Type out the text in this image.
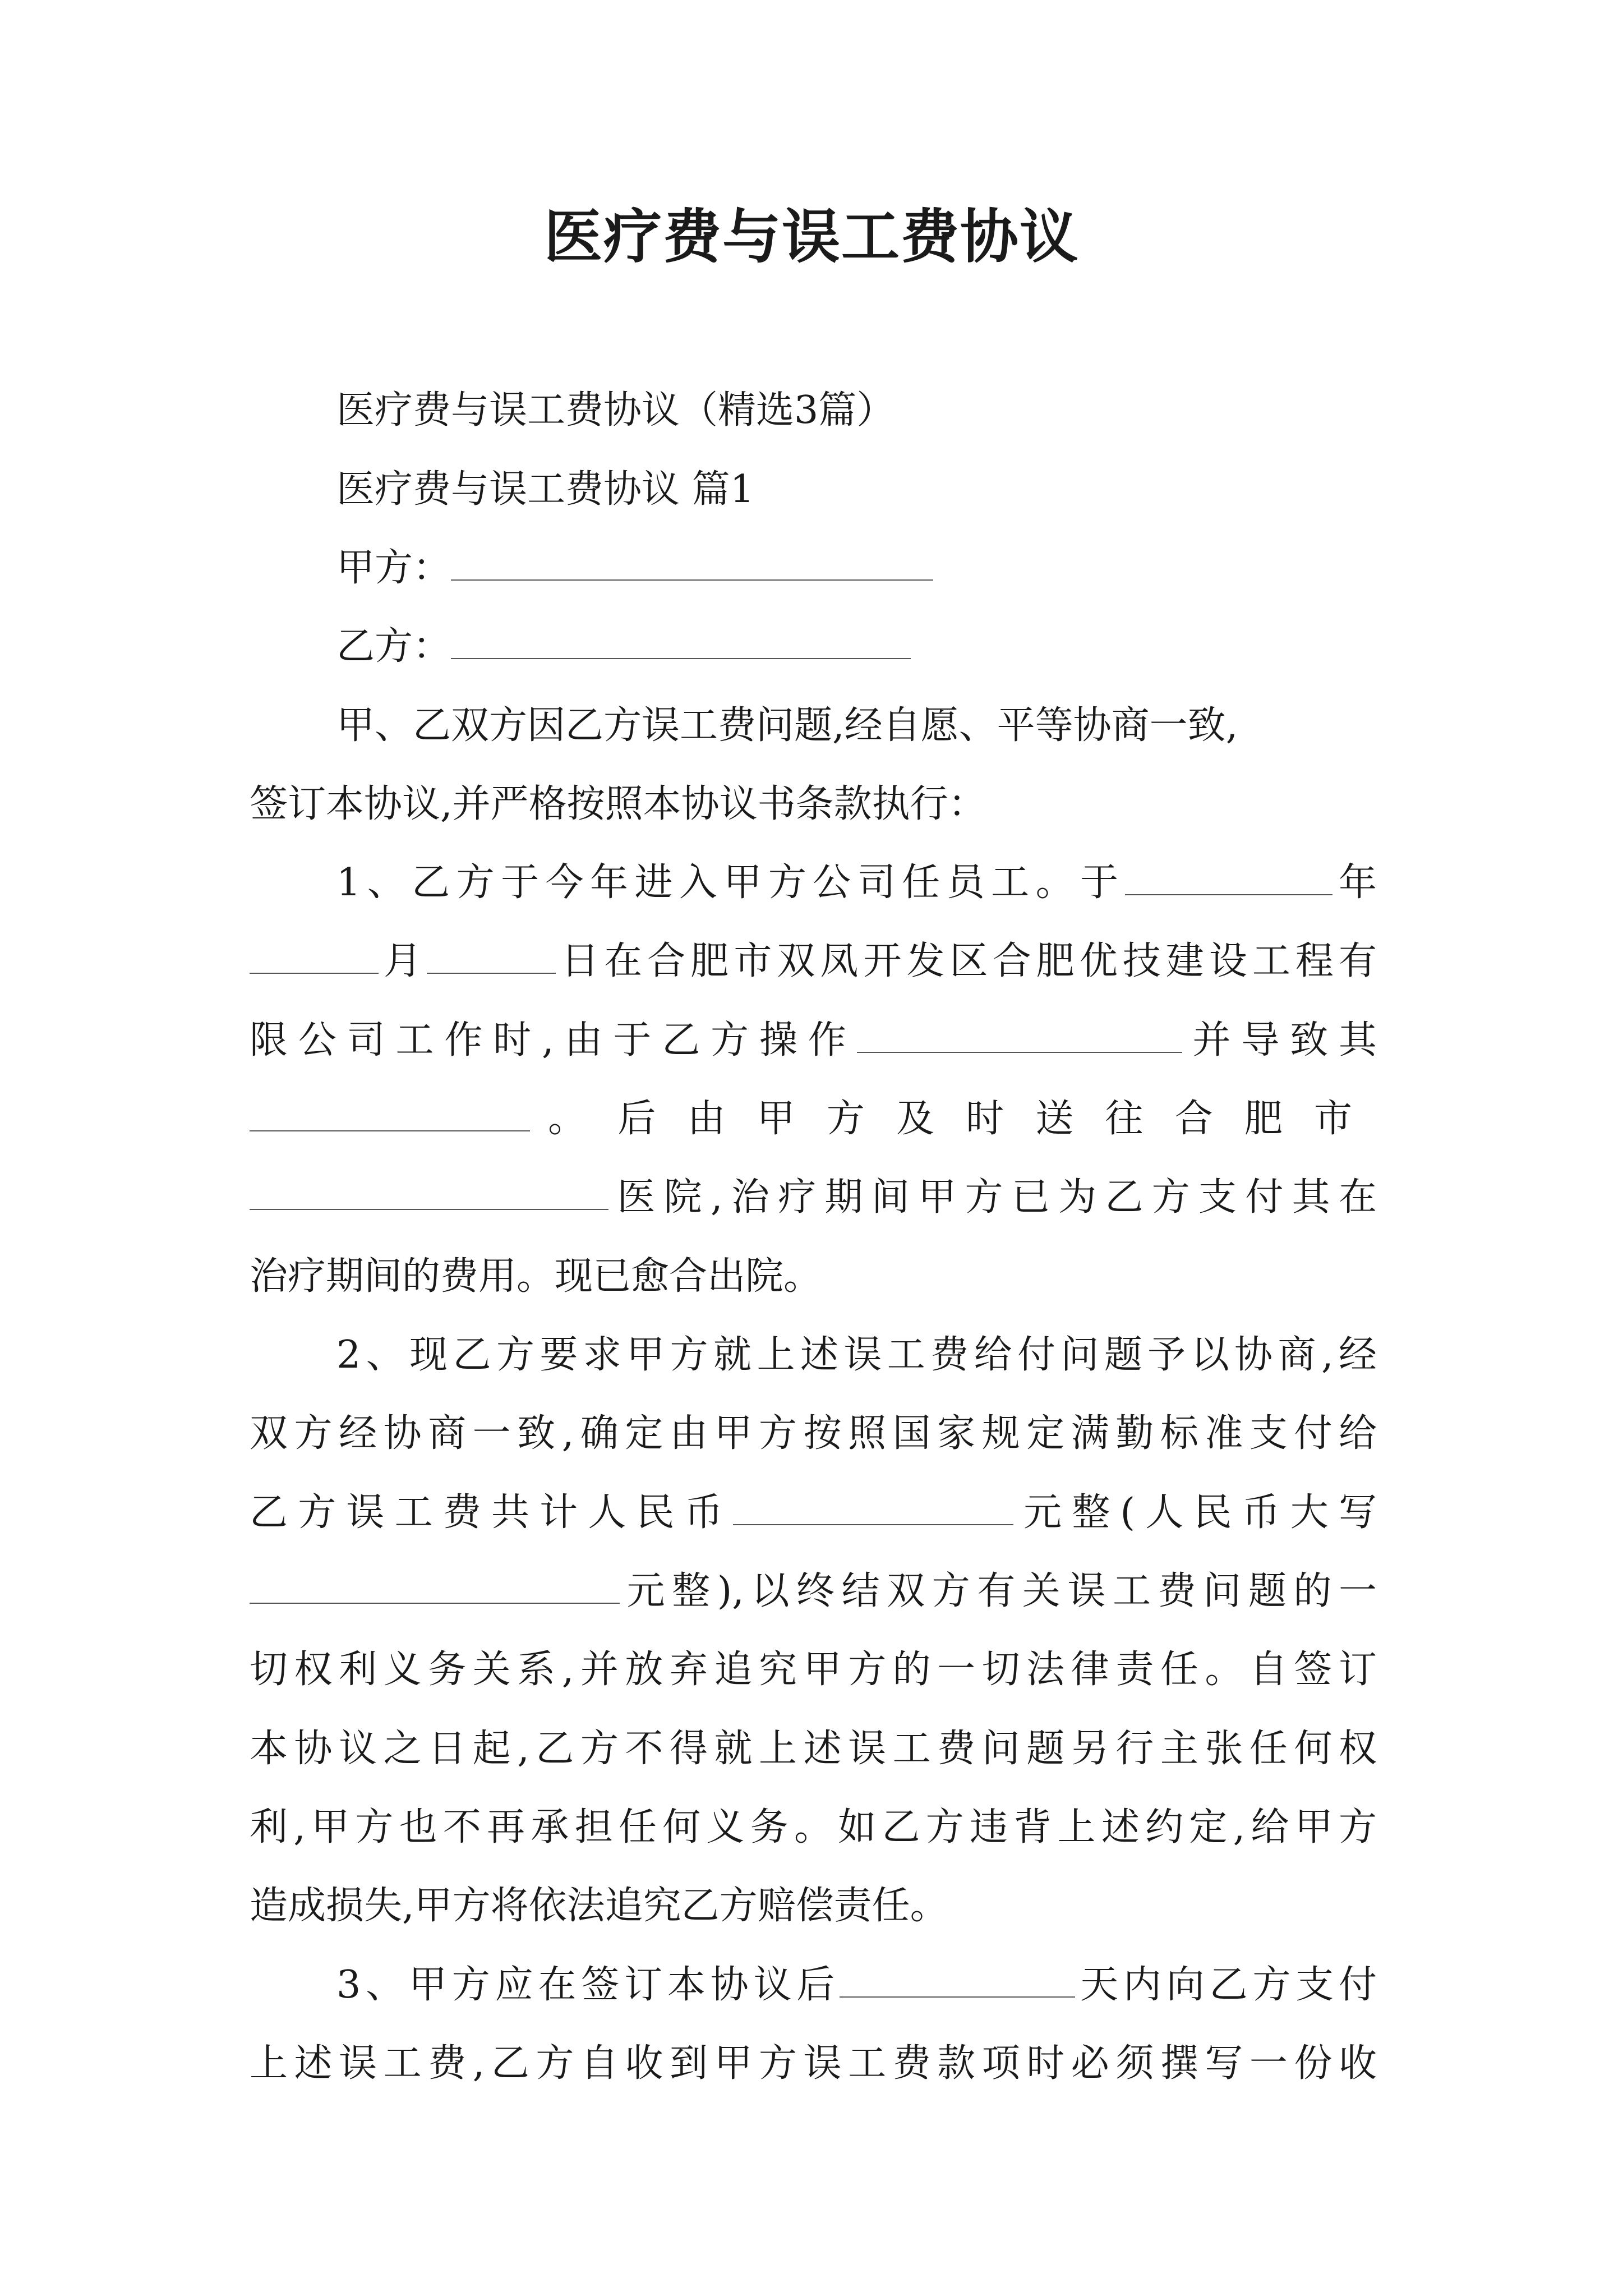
医疗费与误工费协议
医疗费与误工费协议（精选3篇）
医疗费与误工费协议 篇1
甲方：
乙方：
甲、乙双方因乙方误工费问题,经自愿、平等协商一致,
签订本协议,并严格按照本协议书条款执行：
1、乙方于今年进入甲方公司任员工。于	年
月	日在合肥市双凤开发区合肥优技建设工程有
限公司工作时,由于乙方操作	并导致其
。后由甲方及时送往合肥市
医院,治疗期间甲方已为乙方支付其在
治疗期间的费用。现已愈合出院。
2、现乙方要求甲方就上述误工费给付问题予以协商,经
双方经协商一致,确定由甲方按照国家规定满勤标准支付给
乙方误工费共计人民币	元整(人民币大写
元整),以终结双方有关误工费问题的一
切权利义务关系,并放弃追究甲方的一切法律责任。自签订
本协议之日起,乙方不得就上述误工费问题另行主张任何权
利,甲方也不再承担任何义务。如乙方违背上述约定,给甲方
造成损失,甲方将依法追究乙方赔偿责任。
3、甲方应在签订本协议后	天内向乙方支付
上述误工费,乙方自收到甲方误工费款项时必须撰写一份收
